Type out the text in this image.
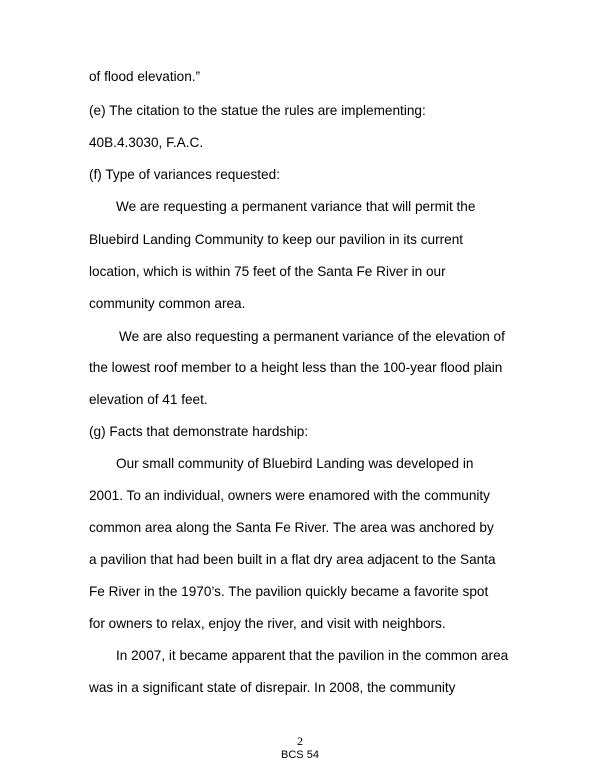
of flood elevation.”
(e) The citation to the statue the rules are implementing:
40B.4.3030, F.A.C.
(f) Type of variances requested:
We are requesting a permanent variance that will permit the
Bluebird Landing Community to keep our pavilion in its current
location, which is within 75 feet of the Santa Fe River in our
community common area.
We are also requesting a permanent variance of the elevation of
the lowest roof member to a height less than the 100-year flood plain
elevation of 41 feet.
(g) Facts that demonstrate hardship:
Our small community of Bluebird Landing was developed in
2001. To an individual, owners were enamored with the community
common area along the Santa Fe River. The area was anchored by
a pavilion that had been built in a flat dry area adjacent to the Santa
Fe River in the 1970’s. The pavilion quickly became a favorite spot
for owners to relax, enjoy the river, and visit with neighbors.
In 2007, it became apparent that the pavilion in the common area
was in a significant state of disrepair. In 2008, the community
2
BCS 54
